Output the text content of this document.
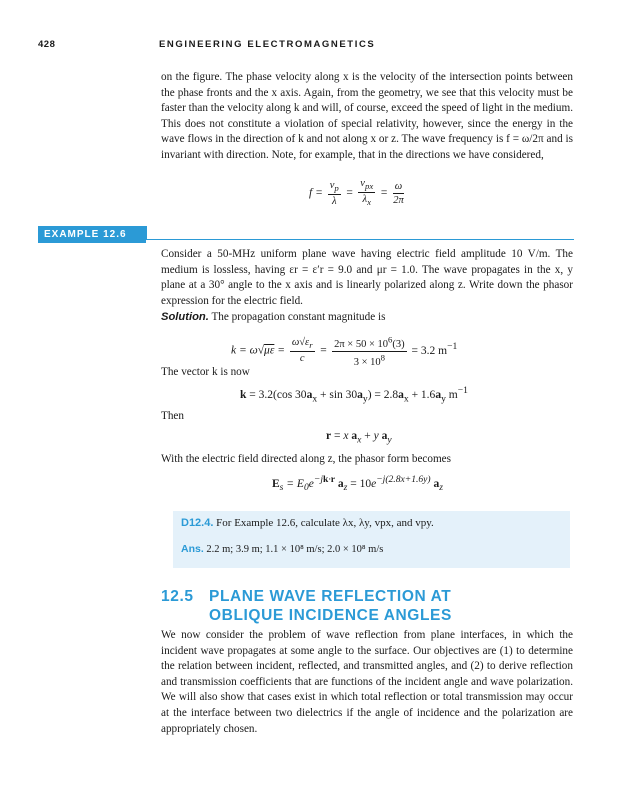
428	ENGINEERING ELECTROMAGNETICS
on the figure. The phase velocity along x is the velocity of the intersection points between the phase fronts and the x axis. Again, from the geometry, we see that this velocity must be faster than the velocity along k and will, of course, exceed the speed of light in the medium. This does not constitute a violation of special relativity, however, since the energy in the wave flows in the direction of k and not along x or z. The wave frequency is f = ω/2π and is invariant with direction. Note, for example, that in the directions we have considered,
$f = \frac{v_p}{\lambda} = \frac{v_{px}}{\lambda_x} = \frac{\omega}{2\pi}$
EXAMPLE 12.6
Consider a 50-MHz uniform plane wave having electric field amplitude 10 V/m. The medium is lossless, having εr = ε′r = 9.0 and μr = 1.0. The wave propagates in the x, y plane at a 30° angle to the x axis and is linearly polarized along z. Write down the phasor expression for the electric field.
Solution. The propagation constant magnitude is
$k = \omega√\mu\varepsilon = \frac{\omega√\varepsilon_r}{c} = \frac{2\pi \times 50 \times 10^6(3)}{3 \times 10^8} = 3.2$ $m^{-1}$
The vector k is now
k = 3.2(cos $30a_x + \sin 30a_y) = 2.8a_x + 1.6a_y$ $m^{-1}$
Then
r = x $a_x + y$ $a_y$
With the electric field directed along z, the phasor form becomes
$E_s = E_0e^{-jk\cdot r}$ $a_z = 10e^{-j(2.8x+1.6y)}$ $a_z$
D12.4. For Example 12.6, calculate λx, λy, vpx, and vpy.
Ans. 2.2 m; 3.9 m; 1.1 × 10⁸ m/s; 2.0 × 10⁸ m/s
12.5 PLANE WAVE REFLECTION AT
OBLIQUE INCIDENCE ANGLES
We now consider the problem of wave reflection from plane interfaces, in which the incident wave propagates at some angle to the surface. Our objectives are (1) to determine the relation between incident, reflected, and transmitted angles, and (2) to derive reflection and transmission coefficients that are functions of the incident angle and wave polarization. We will also show that cases exist in which total reflection or total transmission may occur at the interface between two dielectrics if the angle of incidence and the polarization are appropriately chosen.
